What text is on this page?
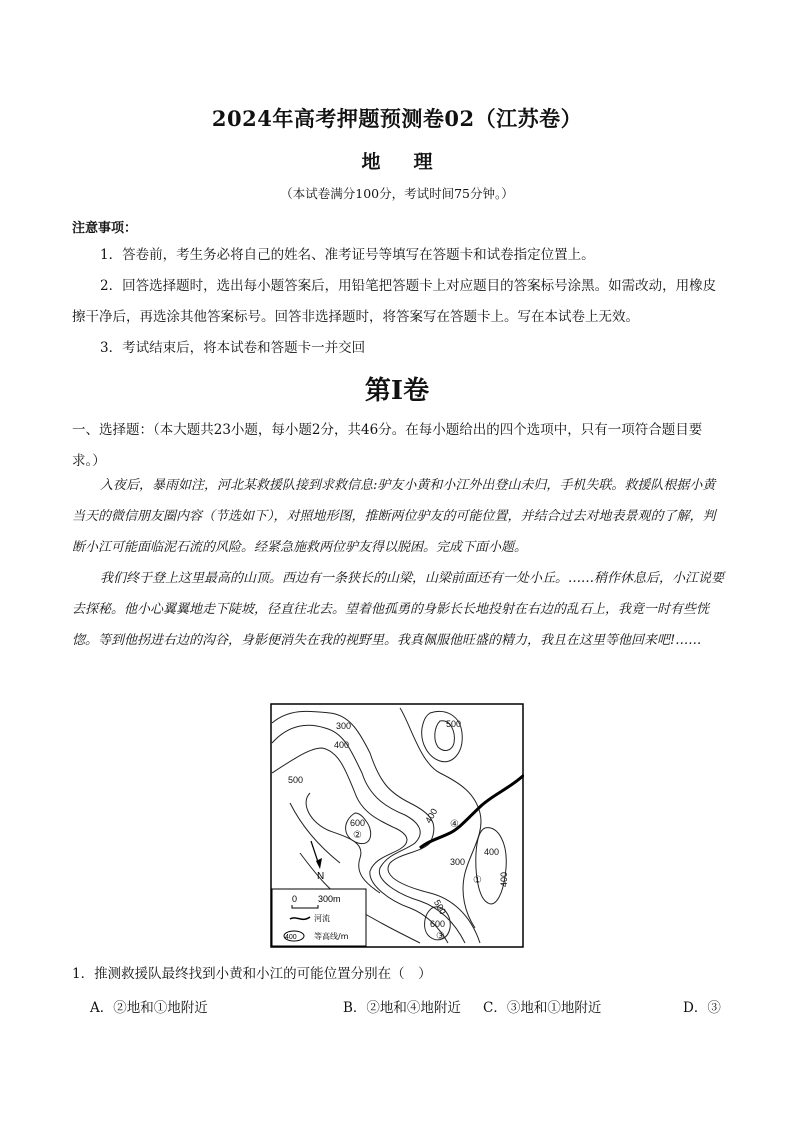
2024年高考押题预测卷02（江苏卷）
地 理
（本试卷满分100分，考试时间75分钟。）
注意事项：

1．答卷前，考生务必将自己的姓名、准考证号等填写在答题卡和试卷指定位置上。

2．回答选择题时，选出每小题答案后，用铅笔把答题卡上对应题目的答案标号涂黑。如需改动，用橡皮擦干净后，再选涂其他答案标号。回答非选择题时，将答案写在答题卡上。写在本试卷上无效。

3．考试结束后，将本试卷和答题卡一并交回

第Ⅰ卷

一、选择题：（本大题共23小题，每小题2分，共46分。在每小题给出的四个选项中，只有一项符合题目要求。）

入夜后，暴雨如注，河北某救援队接到求救信息:驴友小黄和小江外出登山未归，手机失联。救援队根据小黄当天的微信朋友圈内容（节选如下），对照地形图，推断两位驴友的可能位置，并结合过去对地表景观的了解，判断小江可能面临泥石流的风险。经紧急施救两位驴友得以脱困。完成下面小题。

我们终于登上这里最高的山顶。西边有一条狭长的山梁，山梁前面还有一处小丘。……稍作休息后，小江说要去探秘。他小心翼翼地走下陡坡，径直往北去。望着他孤勇的身影长长地投射在右边的乱石上，我竟一时有些恍惚。等到他拐进右边的沟谷，身影便消失在我的视野里。我真佩服他旺盛的精力，我且在这里等他回来吧!……

300
400
500
500
400
600
300
400
500
400
600
①
②
③
④
N
0 300m
河流
400 等高线/m
1．推测救援队最终找到小黄和小江的可能位置分别在（　）
A．②地和①地附近	B．②地和④地附近 C．③地和①地附近	D．③
